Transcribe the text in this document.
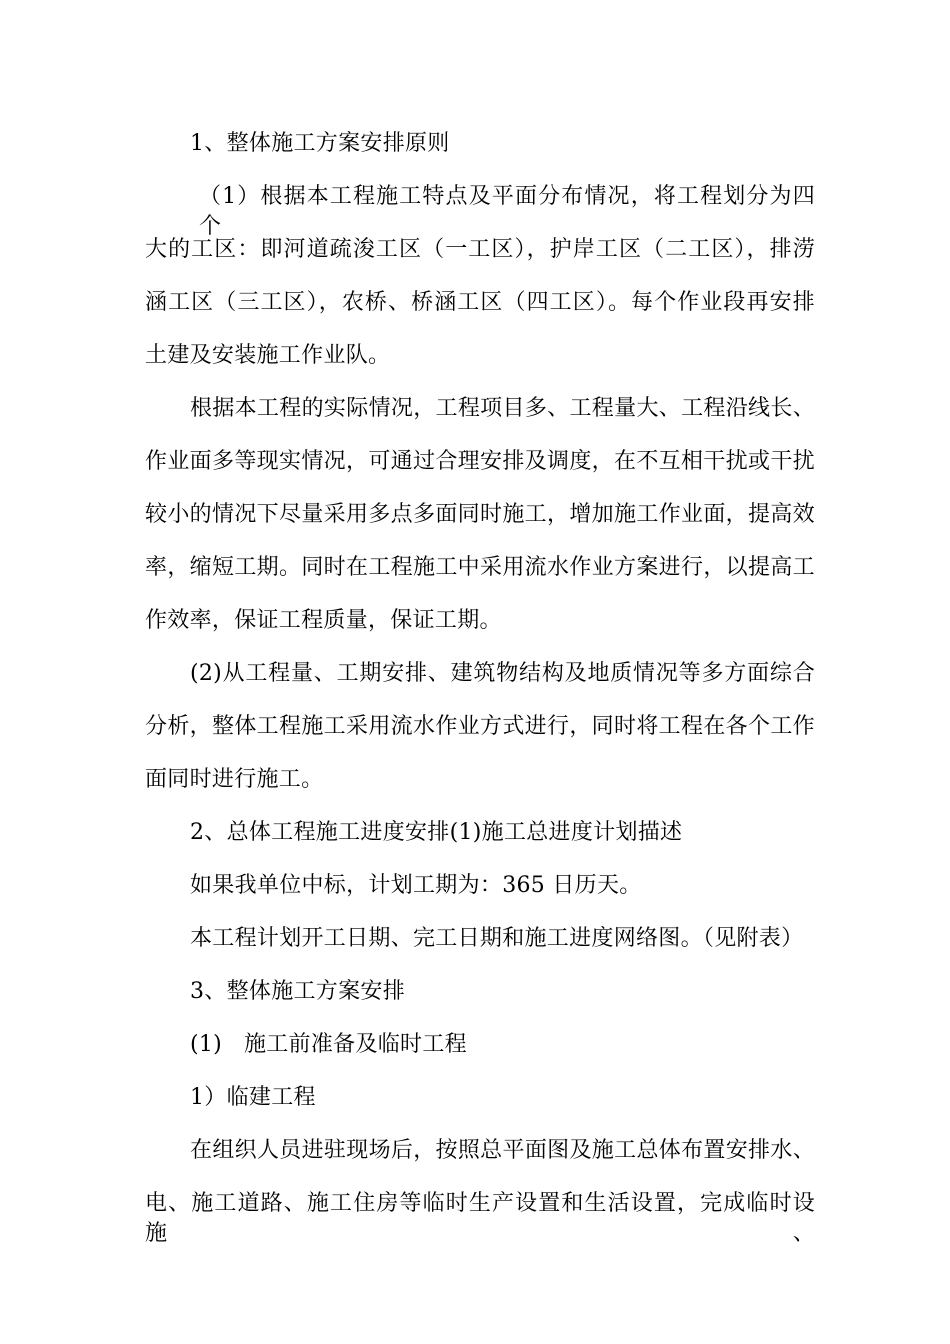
1、整体施工方案安排原则
（1）根据本工程施工特点及平面分布情况，将工程划分为四个
大的工区：即河道疏浚工区（一工区），护岸工区（二工区），排涝
涵工区（三工区），农桥、桥涵工区（四工区）。每个作业段再安排
土建及安装施工作业队。
根据本工程的实际情况，工程项目多、工程量大、工程沿线长、
作业面多等现实情况，可通过合理安排及调度，在不互相干扰或干扰
较小的情况下尽量采用多点多面同时施工，增加施工作业面，提高效
率，缩短工期。同时在工程施工中采用流水作业方案进行，以提高工
作效率，保证工程质量，保证工期。
(2)从工程量、工期安排、建筑物结构及地质情况等多方面综合
分析，整体工程施工采用流水作业方式进行，同时将工程在各个工作
面同时进行施工。
2、总体工程施工进度安排(1)施工总进度计划描述
如果我单位中标，计划工期为：365 日历天。
本工程计划开工日期、完工日期和施工进度网络图。（见附表）
3、整体施工方案安排
(1)   施工前准备及临时工程
1）临建工程
在组织人员进驻现场后，按照总平面图及施工总体布置安排水、
电、施工道路、施工住房等临时生产设置和生活设置，完成临时设施、
